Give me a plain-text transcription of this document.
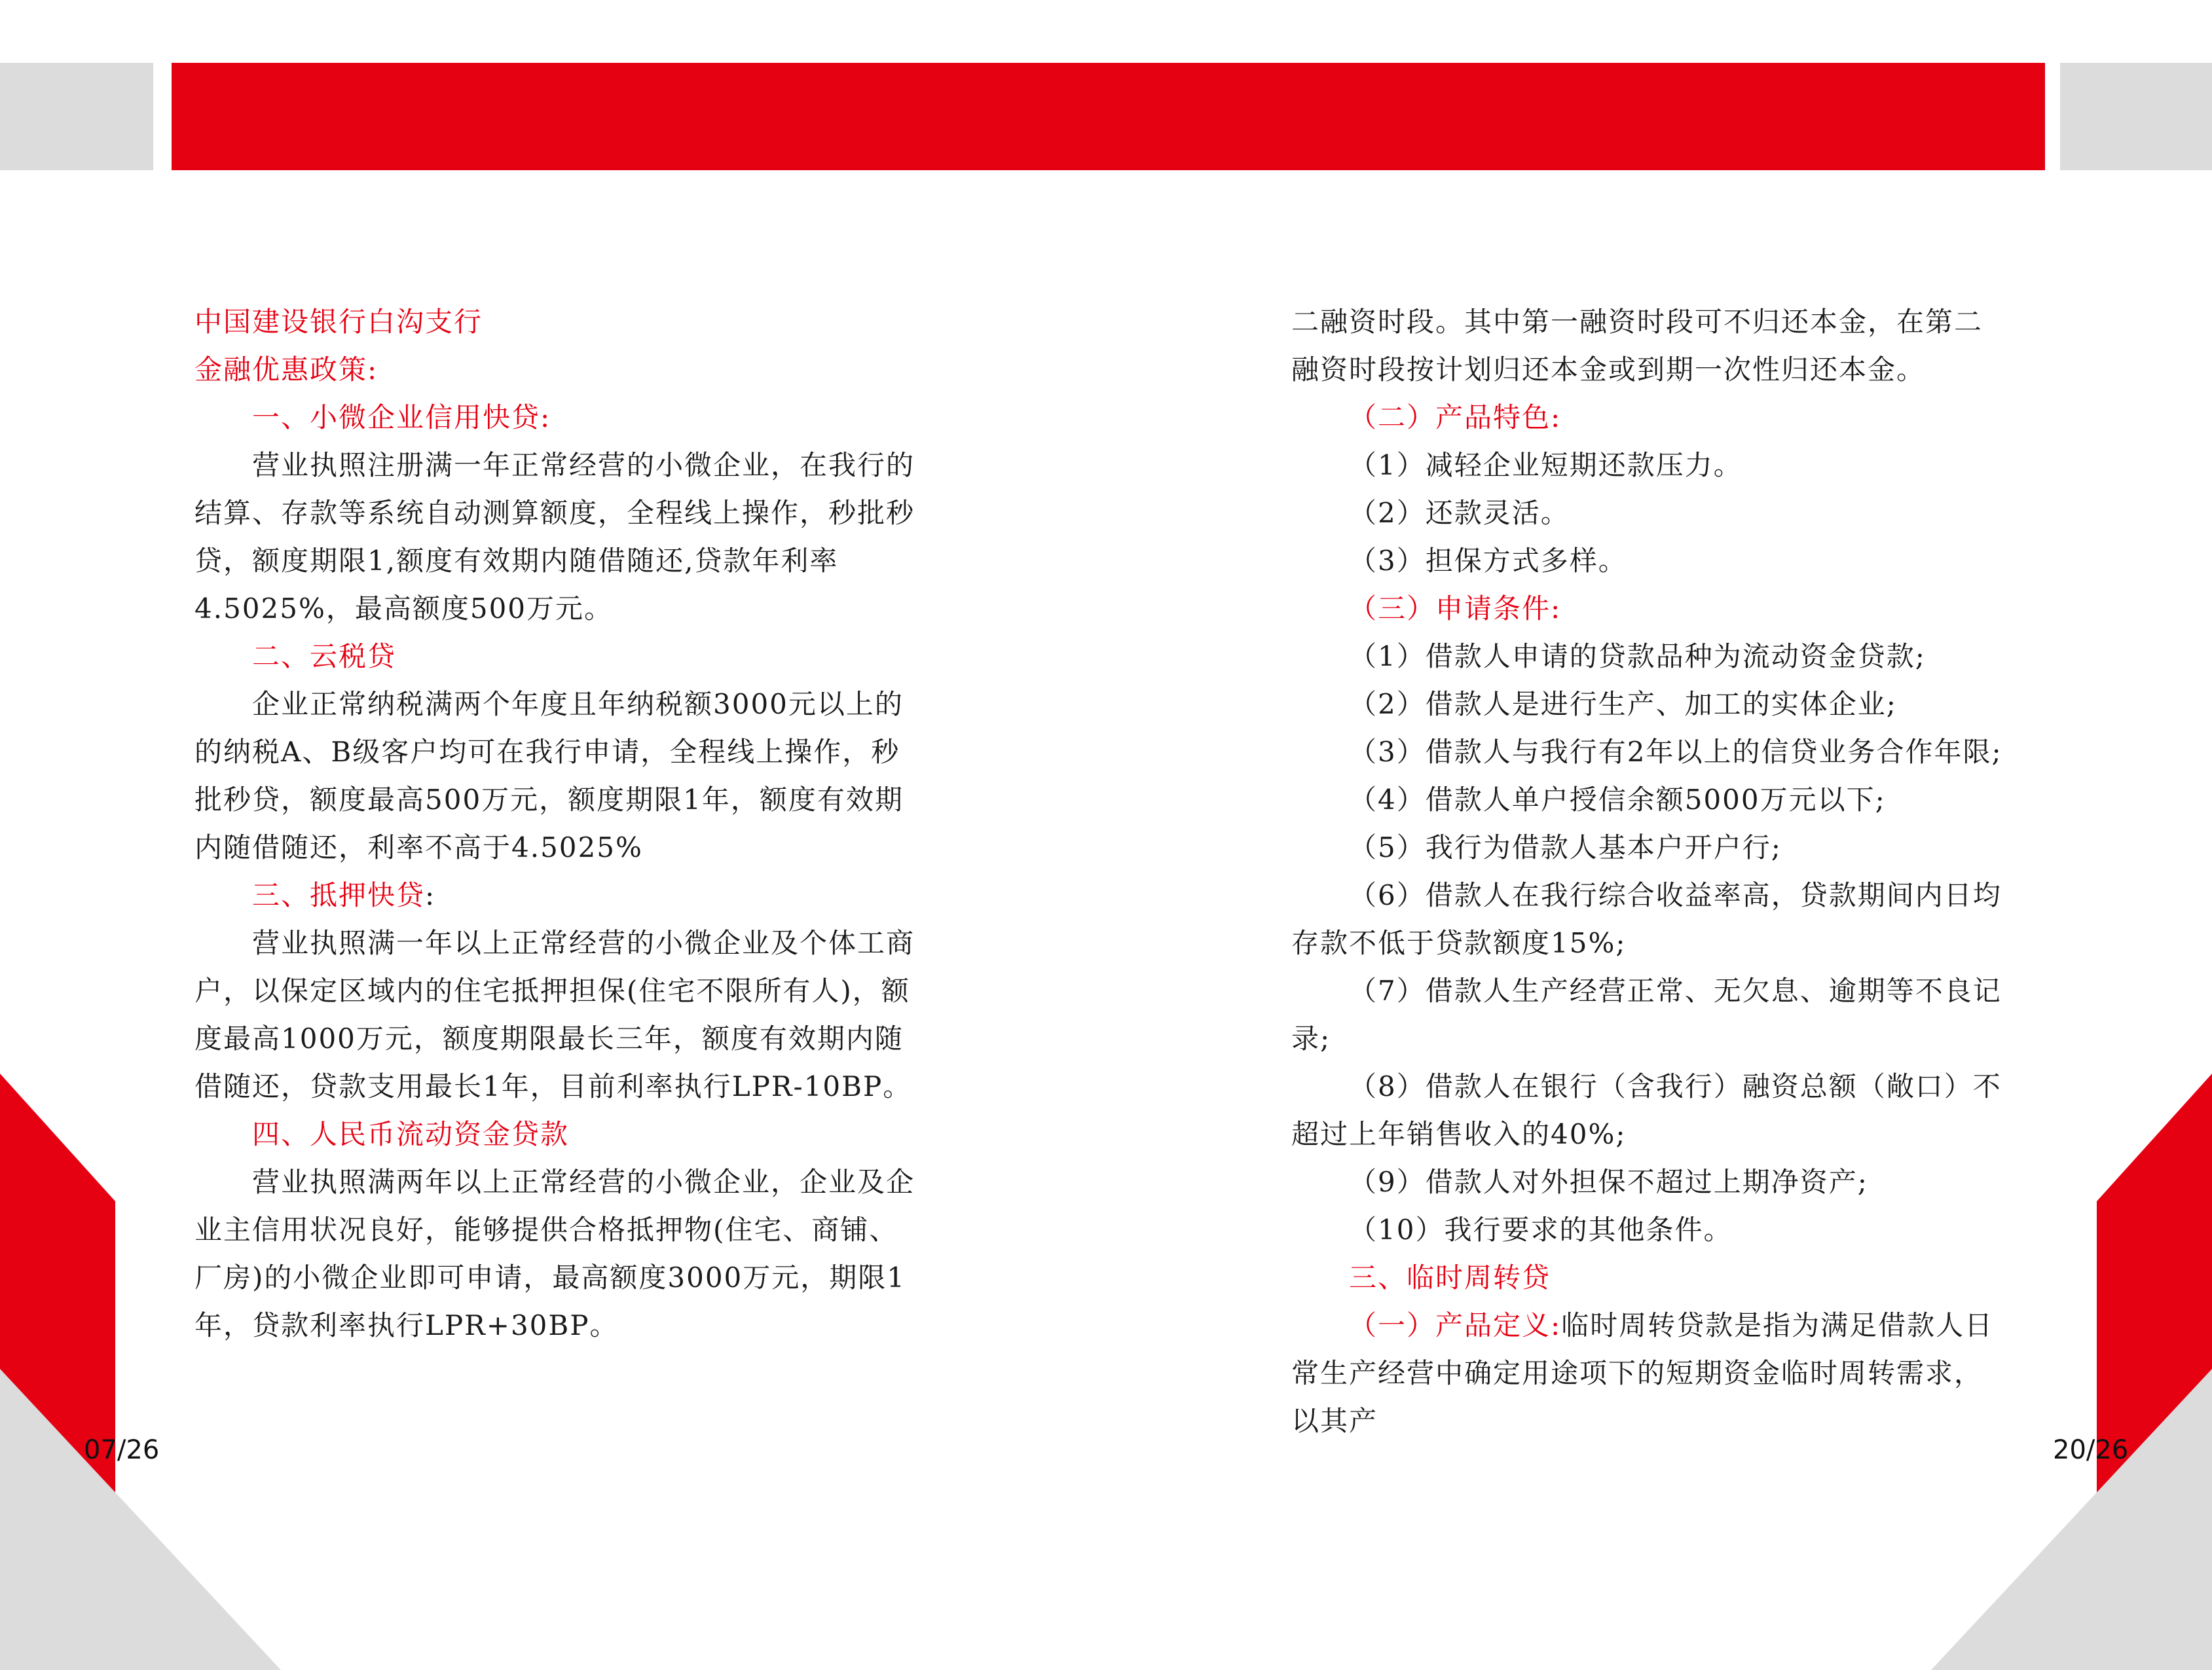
中国建设银行白沟支行

金融优惠政策:

一、小微企业信用快贷:

营业执照注册满一年正常经营的小微企业，在我行的结算、存款等系统自动测算额度，全程线上操作，秒批秒贷，额度期限1,额度有效期内随借随还,贷款年利率4.5025%，最高额度500万元。

二、云税贷

企业正常纳税满两个年度且年纳税额3000元以上的的纳税A、B级客户均可在我行申请，全程线上操作，秒批秒贷，额度最高500万元，额度期限1年，额度有效期内随借随还，利率不高于4.5025%

三、抵押快贷:

营业执照满一年以上正常经营的小微企业及个体工商户，以保定区域内的住宅抵押担保(住宅不限所有人)，额度最高1000万元，额度期限最长三年，额度有效期内随借随还，贷款支用最长1年，目前利率执行LPR-10BP。

四、人民币流动资金贷款

营业执照满两年以上正常经营的小微企业，企业及企业主信用状况良好，能够提供合格抵押物(住宅、商铺、厂房)的小微企业即可申请，最高额度3000万元，期限1年，贷款利率执行LPR+30BP。

二融资时段。其中第一融资时段可不归还本金，在第二融资时段按计划归还本金或到期一次性归还本金。

（二）产品特色:

（1）减轻企业短期还款压力。

（2）还款灵活。

（3）担保方式多样。

（三）申请条件:

（1）借款人申请的贷款品种为流动资金贷款;

（2）借款人是进行生产、加工的实体企业;

（3）借款人与我行有2年以上的信贷业务合作年限;

（4）借款人单户授信余额5000万元以下;

（5）我行为借款人基本户开户行;

（6）借款人在我行综合收益率高，贷款期间内日均存款不低于贷款额度15%;

（7）借款人生产经营正常、无欠息、逾期等不良记录;

（8）借款人在银行（含我行）融资总额（敞口）不超过上年销售收入的40%;

（9）借款人对外担保不超过上期净资产;

（10）我行要求的其他条件。

三、临时周转贷

（一）产品定义:临时周转贷款是指为满足借款人日常生产经营中确定用途项下的短期资金临时周转需求，以其产

07/26	20/26
